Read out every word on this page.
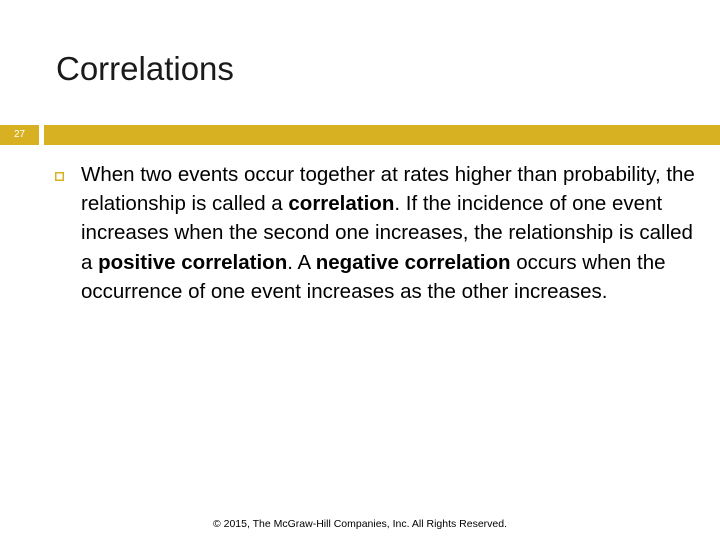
Correlations
27
When two events occur together at rates higher than probability, the relationship is called a correlation. If the incidence of one event increases when the second one increases, the relationship is called a positive correlation. A negative correlation occurs when the occurrence of one event increases as the other increases.
© 2015, The McGraw-Hill Companies, Inc. All Rights Reserved.
